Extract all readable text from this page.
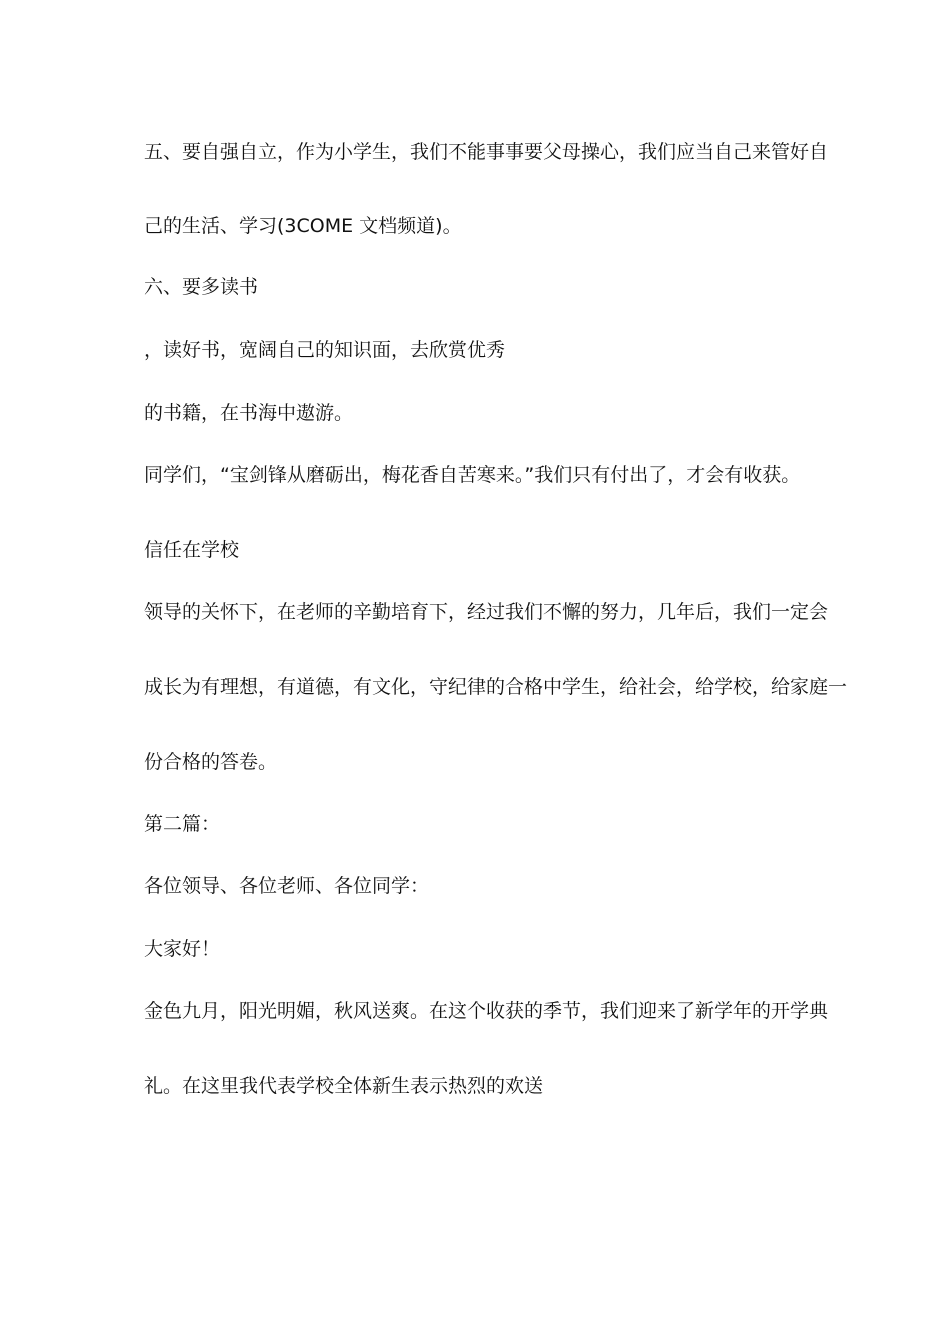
五、要自强自立，作为小学生，我们不能事事要父母操心，我们应当自己来管好自
己的生活、学习(3COME 文档频道)。
六、要多读书
，读好书，宽阔自己的知识面，去欣赏优秀
的书籍，在书海中遨游。
同学们，“宝剑锋从磨砺出，梅花香自苦寒来。”我们只有付出了，才会有收获。
信任在学校
领导的关怀下，在老师的辛勤培育下，经过我们不懈的努力，几年后，我们一定会
成长为有理想，有道德，有文化，守纪律的合格中学生，给社会，给学校，给家庭一
份合格的答卷。
第二篇：
各位领导、各位老师、各位同学：
大家好！
金色九月，阳光明媚，秋风送爽。在这个收获的季节，我们迎来了新学年的开学典
礼。在这里我代表学校全体新生表示热烈的欢送
